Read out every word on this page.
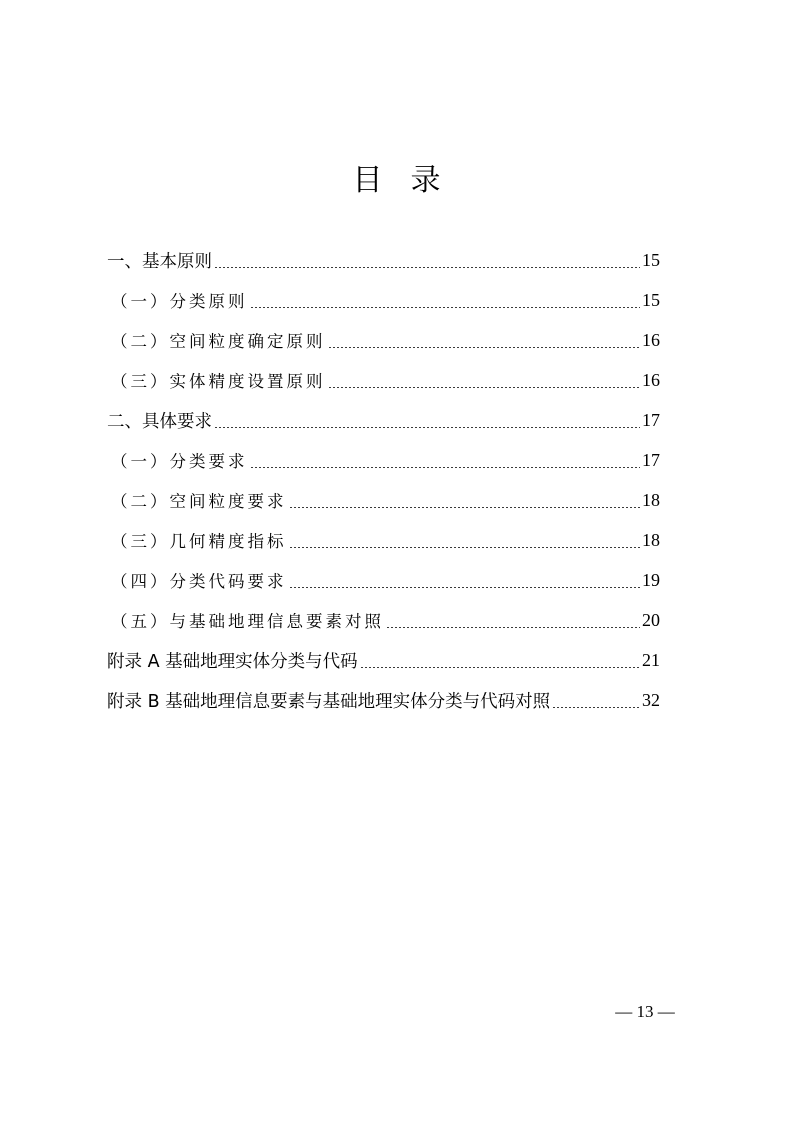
目 录
一、基本原则	15
（一）分类原则	15
（二）空间粒度确定原则	16
（三）实体精度设置原则	16
二、具体要求	17
（一）分类要求	17
（二）空间粒度要求	18
（三）几何精度指标	18
（四）分类代码要求	19
（五）与基础地理信息要素对照	20
附录 A 基础地理实体分类与代码	21
附录 B 基础地理信息要素与基础地理实体分类与代码对照	32
— 13 —
